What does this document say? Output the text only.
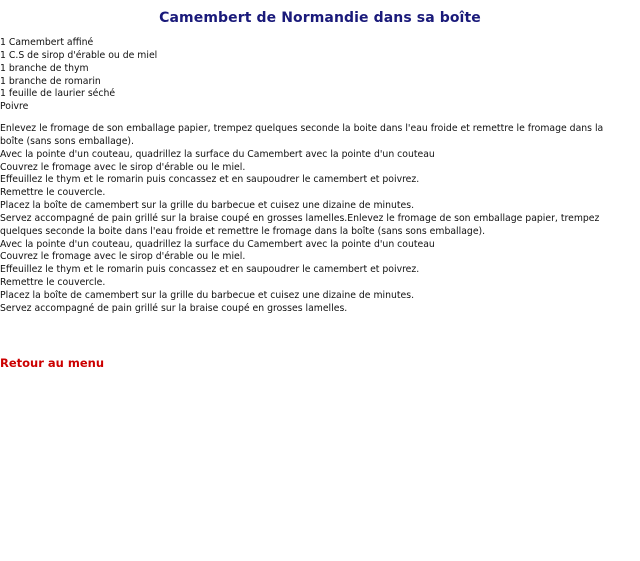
Camembert de Normandie dans sa boîte
1 Camembert affiné
1 C.S de sirop d'érable ou de miel
1 branche de thym
1 branche de romarin
1 feuille de laurier séché
Poivre

Enlevez le fromage de son emballage papier, trempez quelques seconde la boite dans l'eau froide et remettre le fromage dans la boîte (sans sons emballage).
Avec la pointe d'un couteau, quadrillez la surface du Camembert avec la pointe d'un couteau
Couvrez le fromage avec le sirop d'érable ou le miel.
Effeuillez le thym et le romarin puis concassez et en saupoudrer le camembert et poivrez.
Remettre le couvercle.
Placez la boîte de camembert sur la grille du barbecue et cuisez une dizaine de minutes.
Servez accompagné de pain grillé sur la braise coupé en grosses lamelles.Enlevez le fromage de son emballage papier, trempez quelques seconde la boite dans l'eau froide et remettre le fromage dans la boîte (sans sons emballage).
Avec la pointe d'un couteau, quadrillez la surface du Camembert avec la pointe d'un couteau
Couvrez le fromage avec le sirop d'érable ou le miel.
Effeuillez le thym et le romarin puis concassez et en saupoudrer le camembert et poivrez.
Remettre le couvercle.
Placez la boîte de camembert sur la grille du barbecue et cuisez une dizaine de minutes.
Servez accompagné de pain grillé sur la braise coupé en grosses lamelles.

Retour au menu
